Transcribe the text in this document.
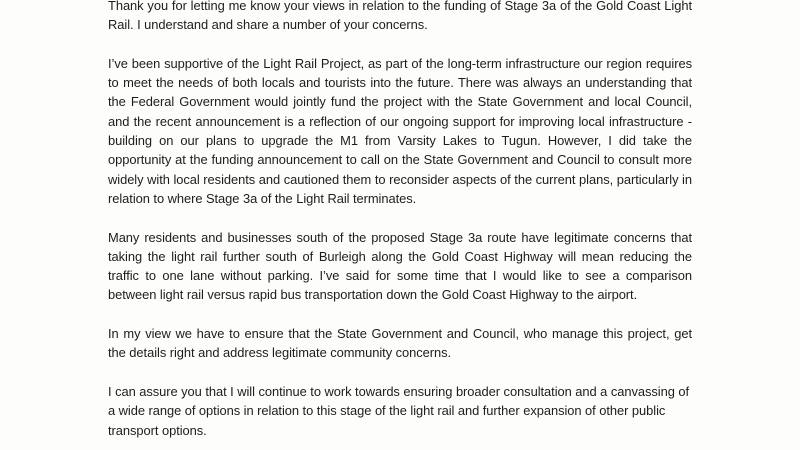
Thank you for letting me know your views in relation to the funding of Stage 3a of the Gold Coast Light Rail. I understand and share a number of your concerns.

I’ve been supportive of the Light Rail Project, as part of the long-term infrastructure our region requires to meet the needs of both locals and tourists into the future. There was always an understanding that the Federal Government would jointly fund the project with the State Government and local Council, and the recent announcement is a reflection of our ongoing support for improving local infrastructure - building on our plans to upgrade the M1 from Varsity Lakes to Tugun. However, I did take the opportunity at the funding announcement to call on the State Government and Council to consult more widely with local residents and cautioned them to reconsider aspects of the current plans, particularly in relation to where Stage 3a of the Light Rail terminates.

Many residents and businesses south of the proposed Stage 3a route have legitimate concerns that taking the light rail further south of Burleigh along the Gold Coast Highway will mean reducing the traffic to one lane without parking. I’ve said for some time that I would like to see a comparison between light rail versus rapid bus transportation down the Gold Coast Highway to the airport.

In my view we have to ensure that the State Government and Council, who manage this project, get the details right and address legitimate community concerns.

I can assure you that I will continue to work towards ensuring broader consultation and a canvassing of a wide range of options in relation to this stage of the light rail and further expansion of other public transport options.
